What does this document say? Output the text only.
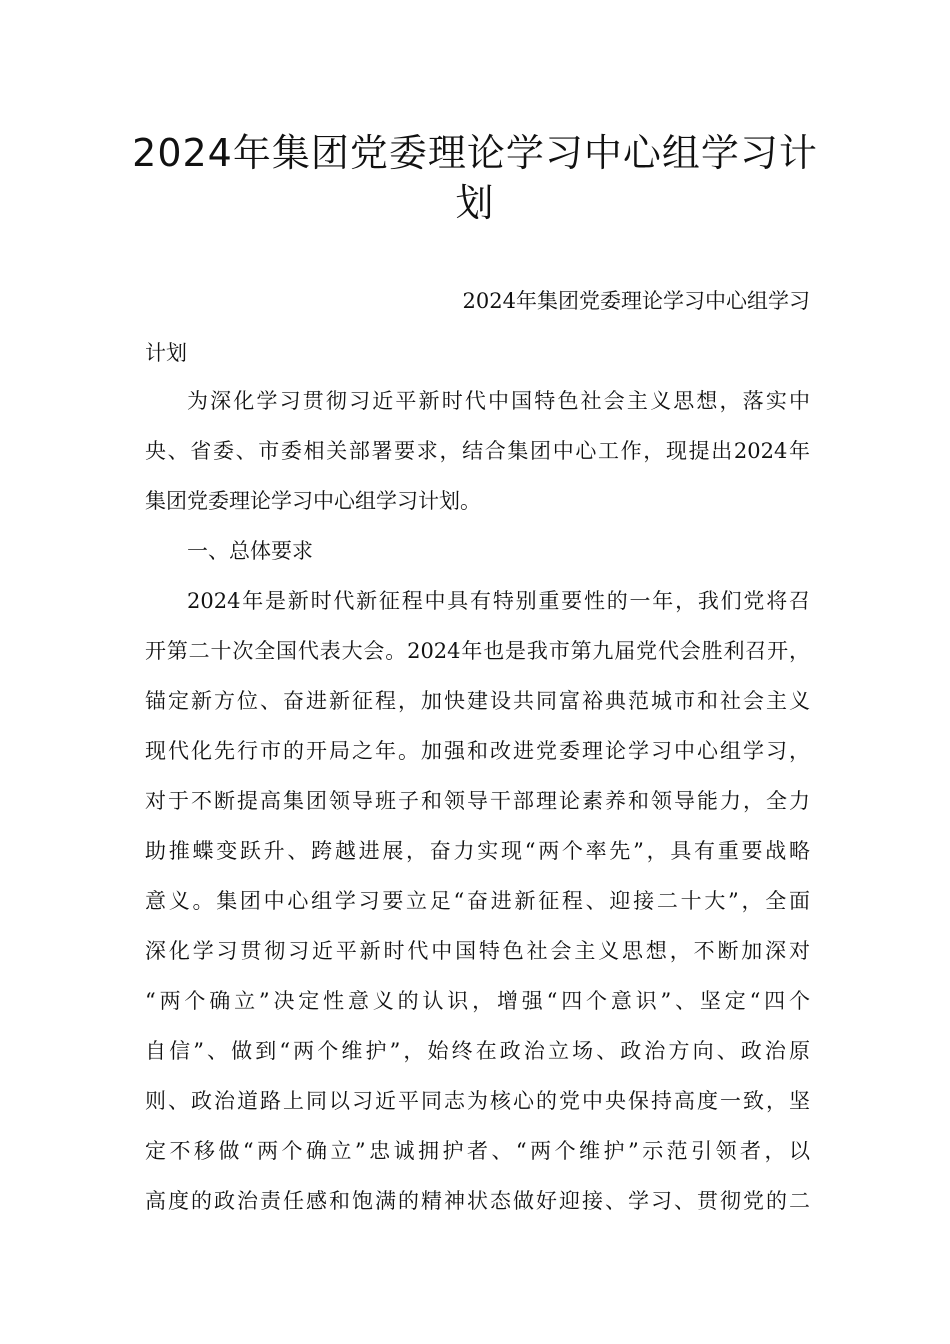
2024年集团党委理论学习中心组学习计
划
2024年集团党委理论学习中心组学习
计划
为深化学习贯彻习近平新时代中国特色社会主义思想，落实中
央、省委、市委相关部署要求，结合集团中心工作，现提出2024年
集团党委理论学习中心组学习计划。
一、总体要求
2024年是新时代新征程中具有特别重要性的一年，我们党将召
开第二十次全国代表大会。2024年也是我市第九届党代会胜利召开，
锚定新方位、奋进新征程，加快建设共同富裕典范城市和社会主义
现代化先行市的开局之年。加强和改进党委理论学习中心组学习，
对于不断提高集团领导班子和领导干部理论素养和领导能力，全力
助推蝶变跃升、跨越进展，奋力实现“两个率先”，具有重要战略
意义。集团中心组学习要立足“奋进新征程、迎接二十大”，全面
深化学习贯彻习近平新时代中国特色社会主义思想，不断加深对
“两个确立”决定性意义的认识，增强“四个意识”、坚定“四个
自信”、做到“两个维护”，始终在政治立场、政治方向、政治原
则、政治道路上同以习近平同志为核心的党中央保持高度一致，坚
定不移做“两个确立”忠诚拥护者、“两个维护”示范引领者，以
高度的政治责任感和饱满的精神状态做好迎接、学习、贯彻党的二
